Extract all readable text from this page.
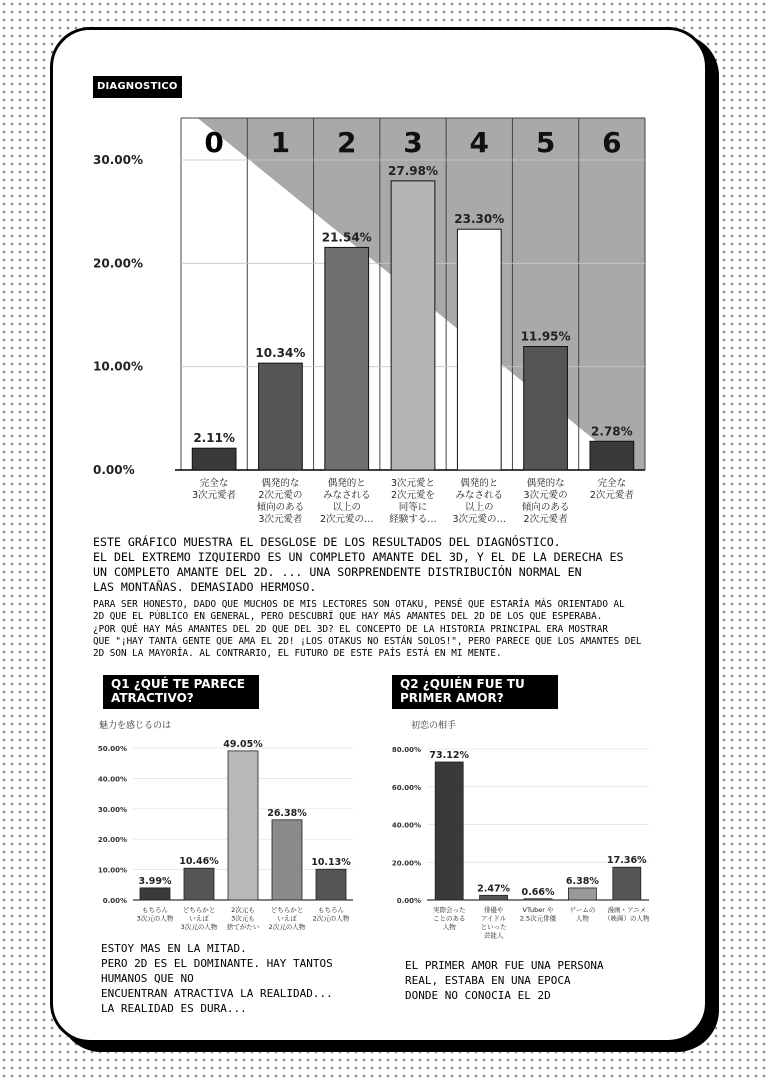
DIAGNOSTICO
0 1 2 3 4 5 6
0.00%
10.00%
20.00%
30.00%
2.11%
完全な
3次元愛者
10.34%
偶発的な
2次元愛の
傾向のある
3次元愛者
21.54%
偶発的と
みなされる
以上の
2次元愛の…
27.98%
3次元愛と
2次元愛を
同等に
経験する…
23.30%
偶発的と
みなされる
以上の
3次元愛の…
11.95%
偶発的な
3次元愛の
傾向のある
2次元愛者
2.78%
完全な
2次元愛者
ESTE GRÁFICO MUESTRA EL DESGLOSE DE LOS RESULTADOS DEL DIAGNÓSTICO.
EL DEL EXTREMO IZQUIERDO ES UN COMPLETO AMANTE DEL 3D, Y EL DE LA DERECHA ES
UN COMPLETO AMANTE DEL 2D. ... UNA SORPRENDENTE DISTRIBUCIÓN NORMAL EN
LAS MONTAÑAS. DEMASIADO HERMOSO.
PARA SER HONESTO, DADO QUE MUCHOS DE MIS LECTORES SON OTAKU, PENSÉ QUE ESTARÍA MÁS ORIENTADO AL
2D QUE EL PÚBLICO EN GENERAL, PERO DESCUBRÍ QUE HAY MÁS AMANTES DEL 2D DE LOS QUE ESPERABA.
¿POR QUÉ HAY MÁS AMANTES DEL 2D QUE DEL 3D? EL CONCEPTO DE LA HISTORIA PRINCIPAL ERA MOSTRAR
QUE "¡HAY TANTA GENTE QUE AMA EL 2D! ¡LOS OTAKUS NO ESTÁN SOLOS!", PERO PARECE QUE LOS AMANTES DEL
2D SON LA MAYORÍA. AL CONTRARIO, EL FUTURO DE ESTE PAÍS ESTÁ EN MI MENTE.
Q1 ¿QUÉ TE PARECE ATRACTIVO?
Q2 ¿QUIÉN FUE TU PRIMER AMOR?
魅力を感じるのは	初恋の相手
0.00%
10.00%
20.00%
30.00%
40.00%
50.00%
3.99%
もちろん
3次元の人物
10.46%
どちらかと
いえば
3次元の人物
49.05%
2次元も
3次元も
捨てがたい
26.38%
どちらかと
いえば
2次元の人物
10.13%
もちろん
2次元の人物
0.00%
20.00%
40.00%
60.00%
80.00% 73.12%
実際会った
ことのある
人物
2.47%
俳優や
アイドル
といった
芸能人
0.66%
VTuber や
2.5次元俳優
6.38%
ゲームの
人物
17.36%
漫画・アニメ
（映画）の人物
ESTOY MAS EN LA MITAD.
PERO 2D ES EL DOMINANTE. HAY TANTOS
HUMANOS QUE NO
ENCUENTRAN ATRACTIVA LA REALIDAD...
LA REALIDAD ES DURA...
EL PRIMER AMOR FUE UNA PERSONA
REAL, ESTABA EN UNA EPOCA
DONDE NO CONOCIA EL 2D
